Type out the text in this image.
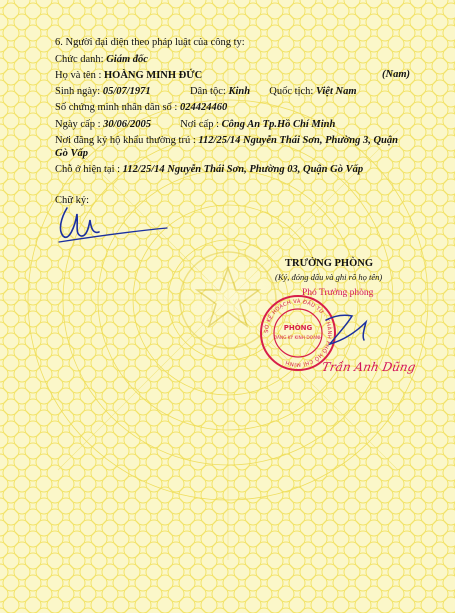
6. Người đại diện theo pháp luật của công ty:
Chức danh: Giám đốc
Họ và tên : HOÀNG MINH ĐỨC	(Nam)
Sinh ngày: 05/07/1971	Dân tộc: Kinh Quốc tịch: Việt Nam
Số chứng minh nhân dân số : 024424460
Ngày cấp : 30/06/2005	Nơi cấp : Công An Tp.Hồ Chí Minh
Nơi đăng ký hộ khẩu thường trú : 112/25/14 Nguyễn Thái Sơn, Phường 3, Quận Gò Vấp
Chỗ ở hiện tại : 112/25/14 Nguyễn Thái Sơn, Phường 03, Quận Gò Vấp
Chữ ký:
TRƯỞNG PHÒNG
(Ký, đóng dấu và ghi rõ họ tên)
Phó Trưởng phòng
SỞ KẾ HOẠCH VÀ ĐẦU TƯ · THÀNH PHỐ HỒ CHÍ MINH
PHÒNG
ĐĂNG KÝ KINH DOANH
Trần Anh Dũng
